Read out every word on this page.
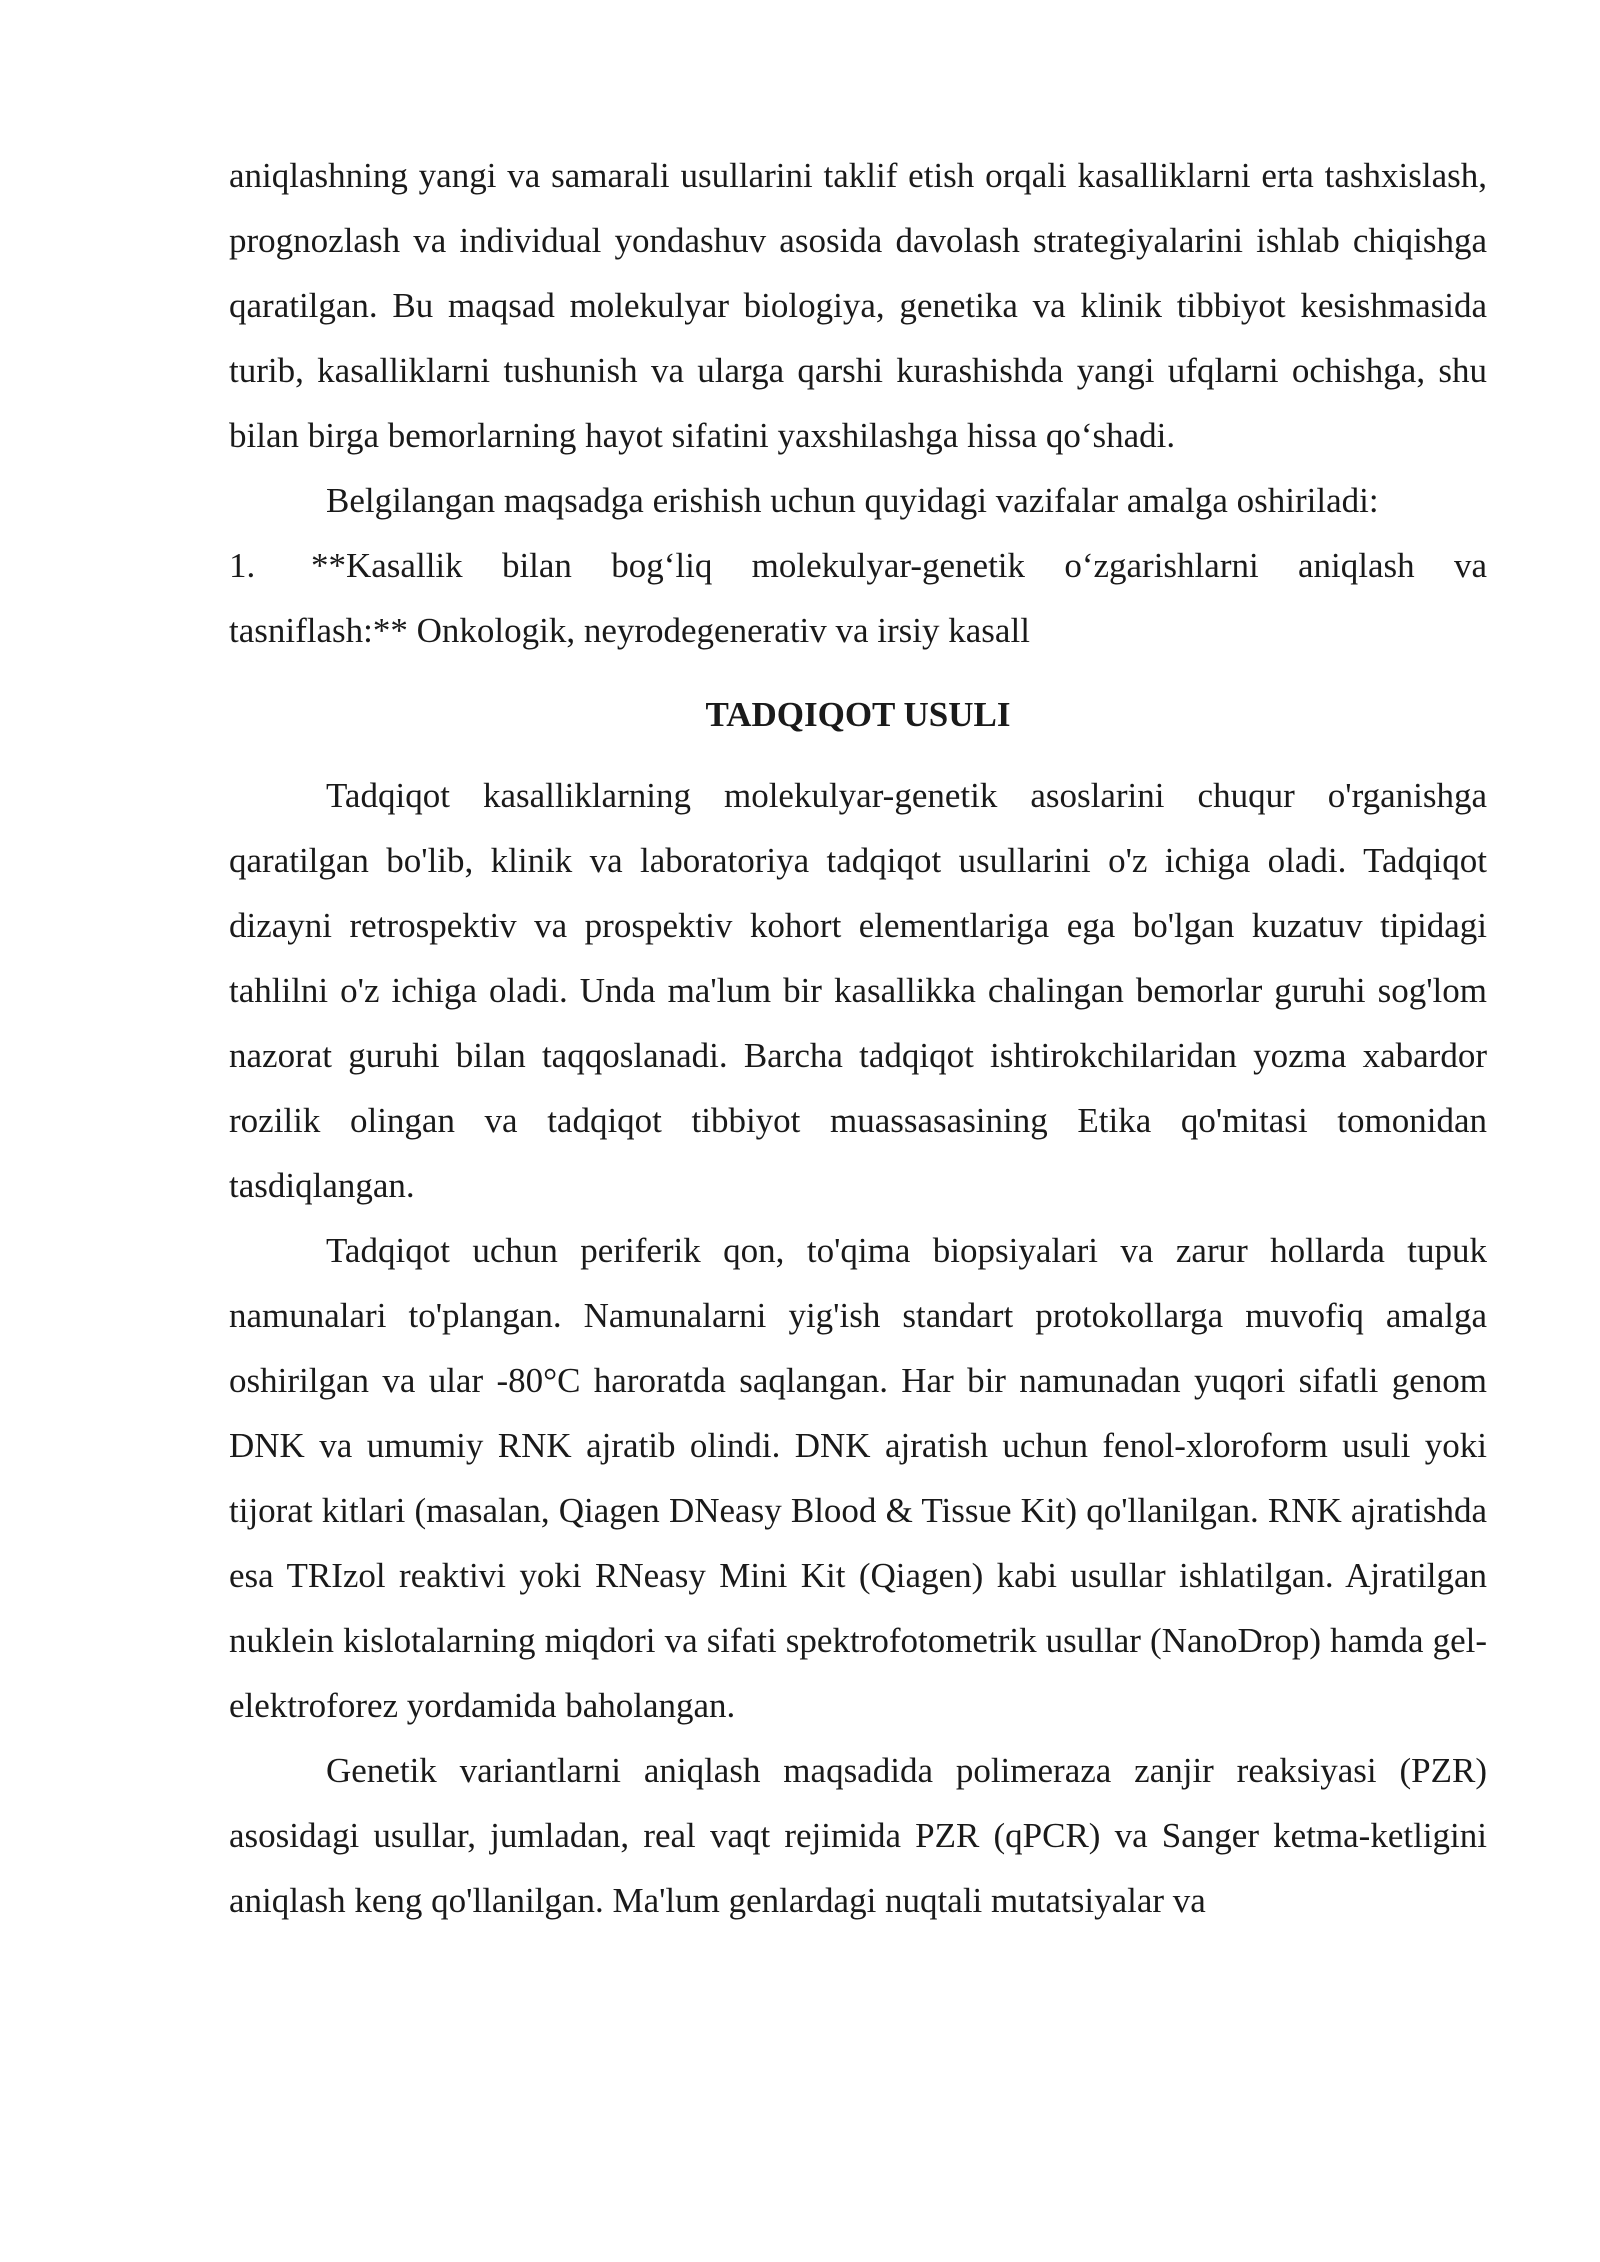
aniqlashning yangi va samarali usullarini taklif etish orqali kasalliklarni erta tashxislash, prognozlash va individual yondashuv asosida davolash strategiyalarini ishlab chiqishga qaratilgan. Bu maqsad molekulyar biologiya, genetika va klinik tibbiyot kesishmasida turib, kasalliklarni tushunish va ularga qarshi kurashishda yangi ufqlarni ochishga, shu bilan birga bemorlarning hayot sifatini yaxshilashga hissa qo‘shadi.

Belgilangan maqsadga erishish uchun quyidagi vazifalar amalga oshiriladi:

1. **Kasallik bilan bog‘liq molekulyar-genetik o‘zgarishlarni aniqlash va tasniflash:** Onkologik, neyrodegenerativ va irsiy kasall

TADQIQOT USULI

Tadqiqot kasalliklarning molekulyar-genetik asoslarini chuqur o'rganishga qaratilgan bo'lib, klinik va laboratoriya tadqiqot usullarini o'z ichiga oladi. Tadqiqot dizayni retrospektiv va prospektiv kohort elementlariga ega bo'lgan kuzatuv tipidagi tahlilni o'z ichiga oladi. Unda ma'lum bir kasallikka chalingan bemorlar guruhi sog'lom nazorat guruhi bilan taqqoslanadi. Barcha tadqiqot ishtirokchilaridan yozma xabardor rozilik olingan va tadqiqot tibbiyot muassasasining Etika qo'mitasi tomonidan tasdiqlangan.

Tadqiqot uchun periferik qon, to'qima biopsiyalari va zarur hollarda tupuk namunalari to'plangan. Namunalarni yig'ish standart protokollarga muvofiq amalga oshirilgan va ular -80°C haroratda saqlangan. Har bir namunadan yuqori sifatli genom DNK va umumiy RNK ajratib olindi. DNK ajratish uchun fenol-xloroform usuli yoki tijorat kitlari (masalan, Qiagen DNeasy Blood & Tissue Kit) qo'llanilgan. RNK ajratishda esa TRIzol reaktivi yoki RNeasy Mini Kit (Qiagen) kabi usullar ishlatilgan. Ajratilgan nuklein kislotalarning miqdori va sifati spektrofotometrik usullar (NanoDrop) hamda gel-elektroforez yordamida baholangan.

Genetik variantlarni aniqlash maqsadida polimeraza zanjir reaksiyasi (PZR) asosidagi usullar, jumladan, real vaqt rejimida PZR (qPCR) va Sanger ketma-ketligini aniqlash keng qo'llanilgan. Ma'lum genlardagi nuqtali mutatsiyalar va
